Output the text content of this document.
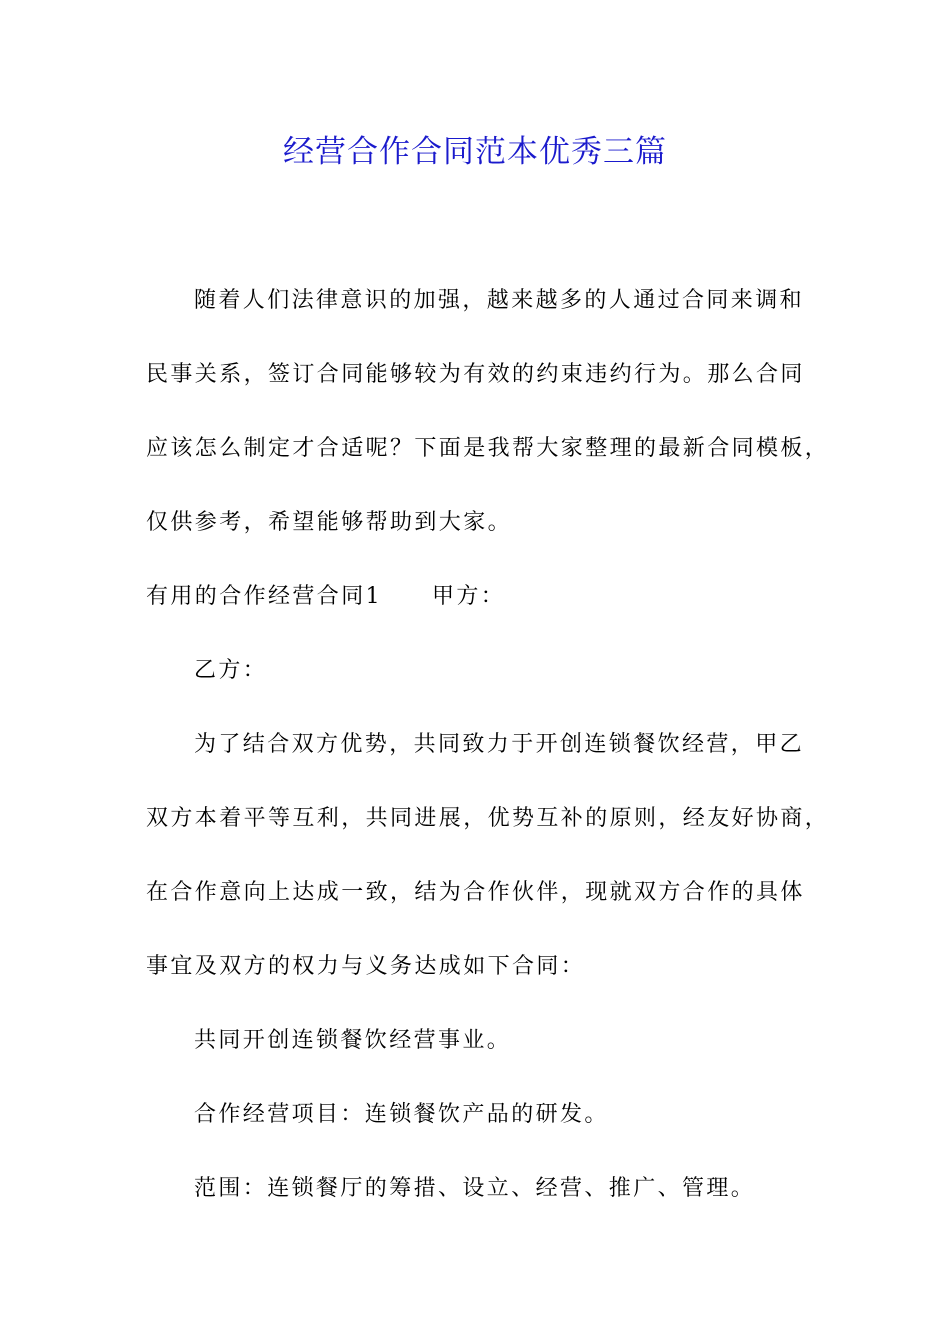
经营合作合同范本优秀三篇

随着人们法律意识的加强，越来越多的人通过合同来调和

民事关系，签订合同能够较为有效的约束违约行为。那么合同

应该怎么制定才合适呢？下面是我帮大家整理的最新合同模板，

仅供参考，希望能够帮助到大家。

有用的合作经营合同1 甲方：

乙方：

为了结合双方优势，共同致力于开创连锁餐饮经营，甲乙

双方本着平等互利，共同进展，优势互补的原则，经友好协商，

在合作意向上达成一致，结为合作伙伴，现就双方合作的具体

事宜及双方的权力与义务达成如下合同：

共同开创连锁餐饮经营事业。

合作经营项目：连锁餐饮产品的研发。

范围：连锁餐厅的筹措、设立、经营、推广、管理。
